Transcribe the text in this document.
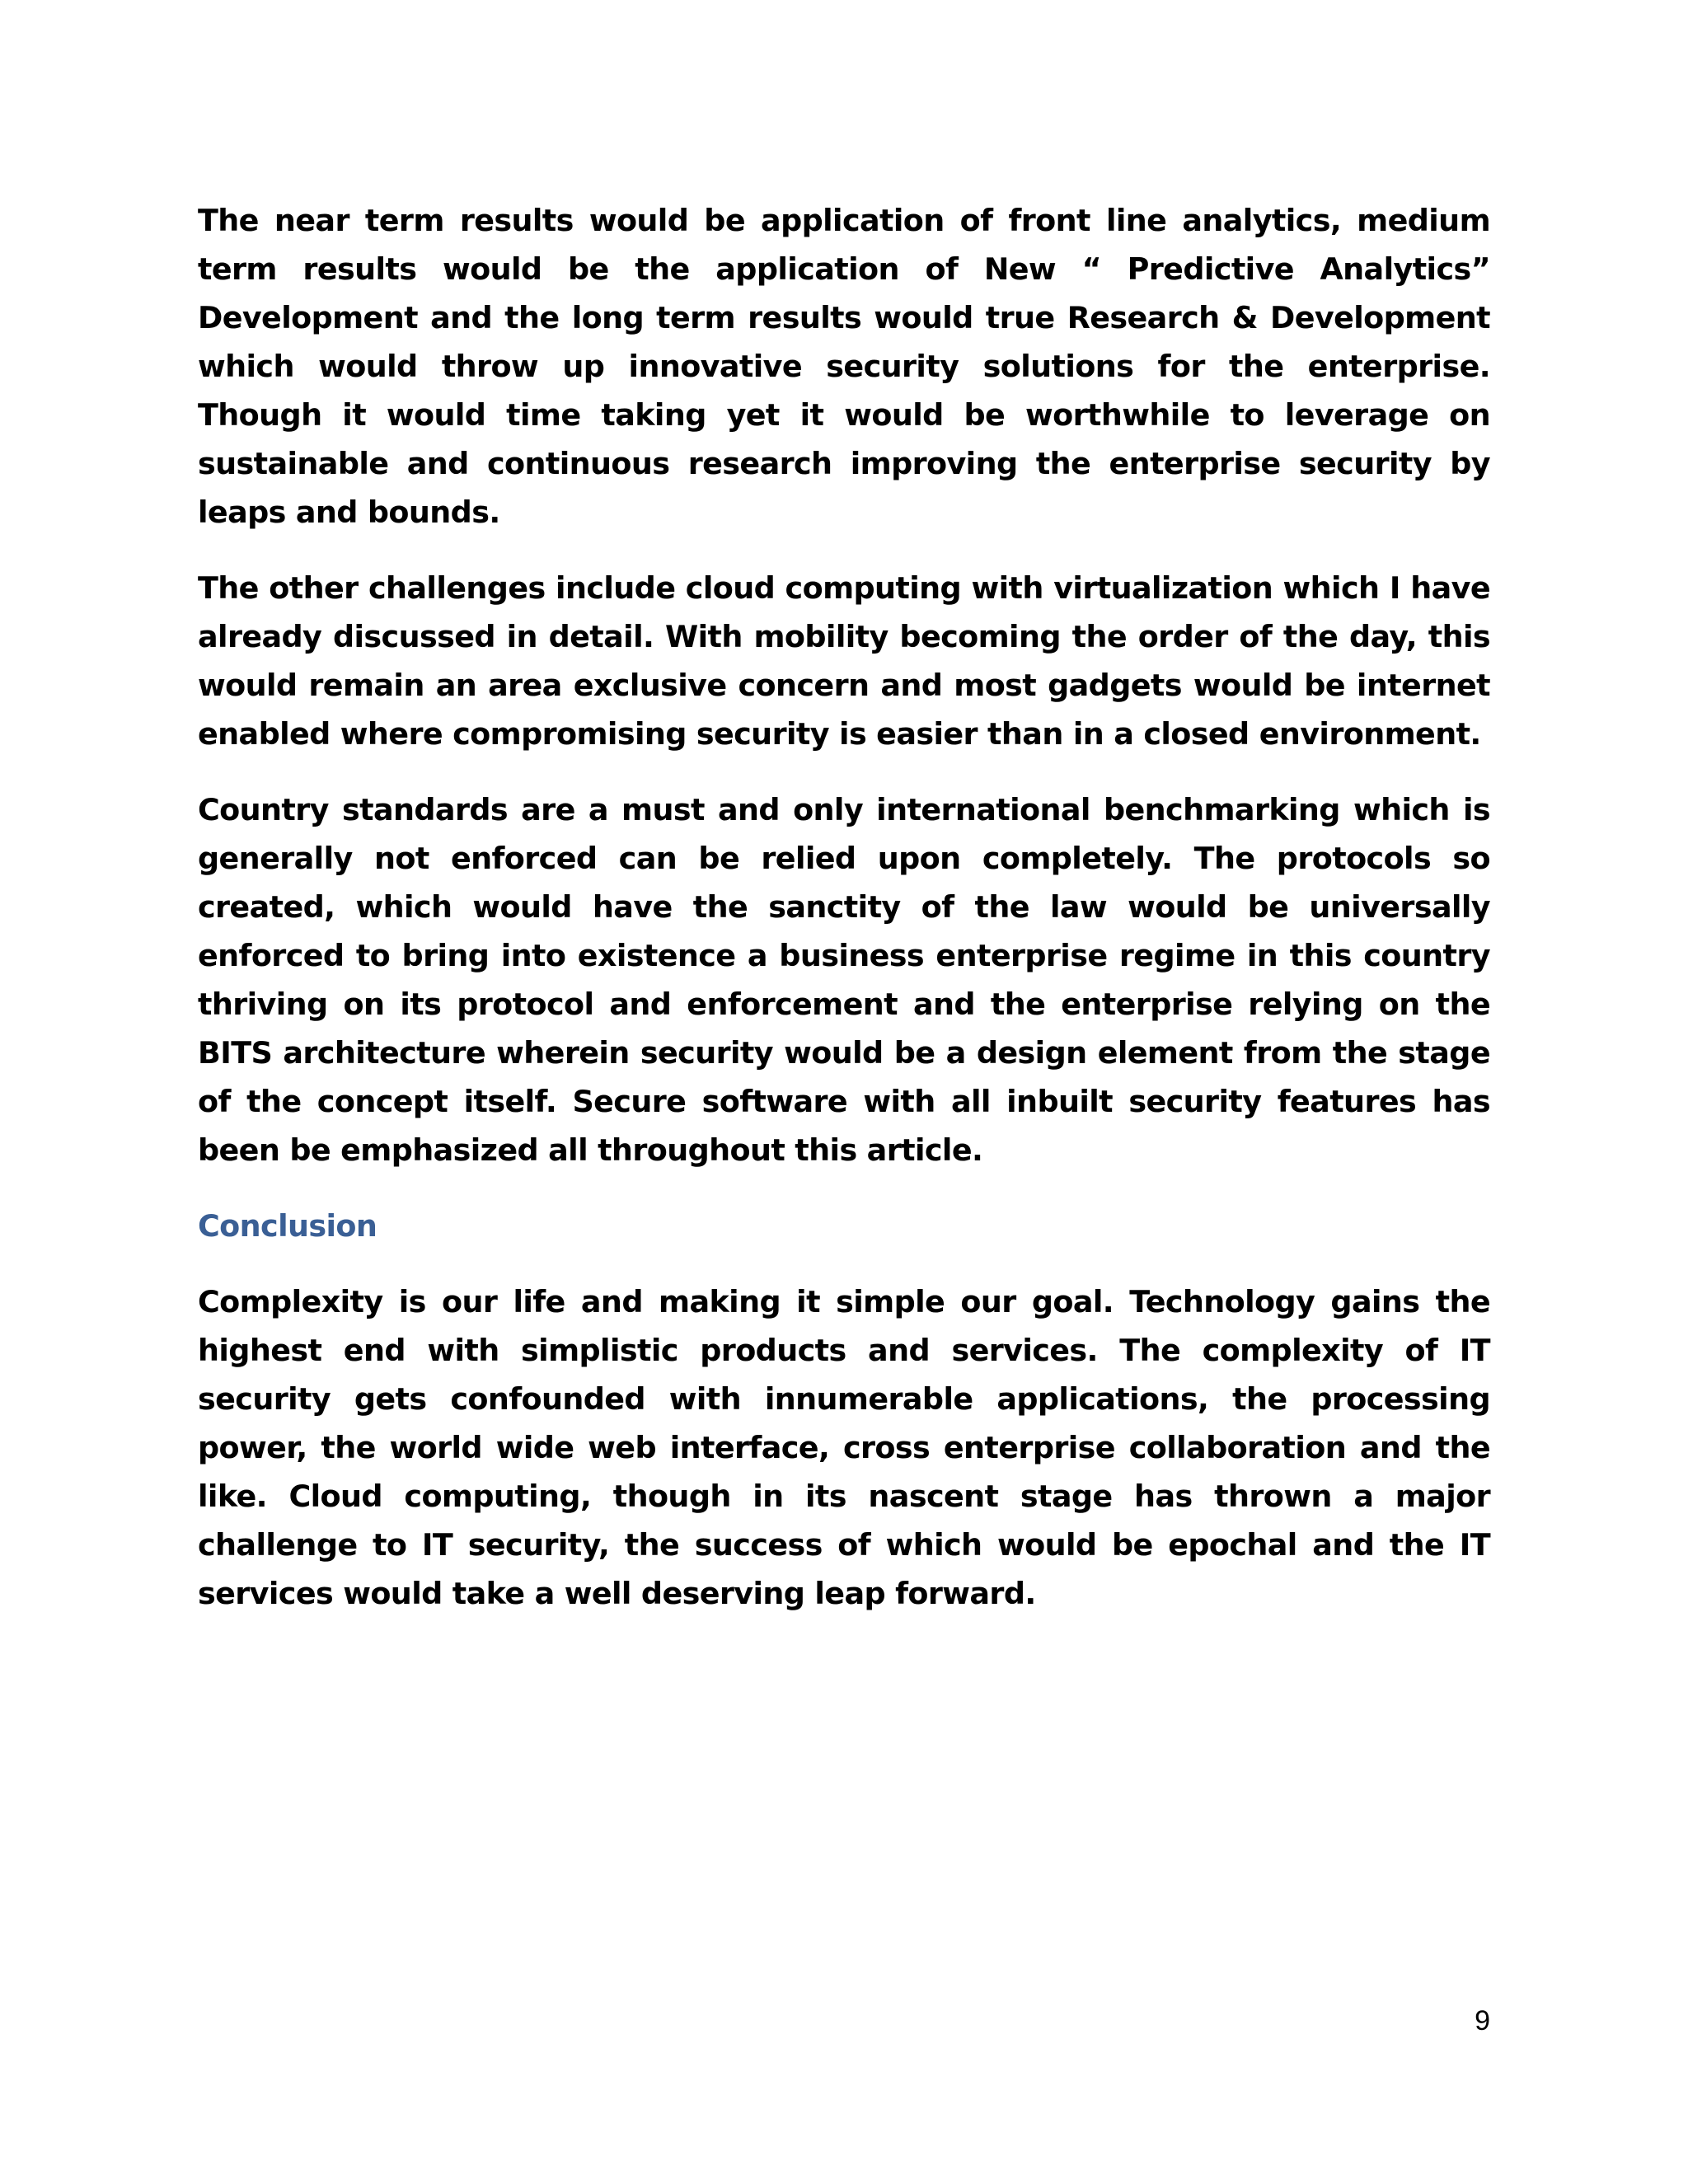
The near term results would be application of front line analytics, medium term results would be the application of New “ Predictive Analytics” Development and the long term results would true Research & Development which would throw up innovative security solutions for the enterprise. Though it would time taking yet it would be worthwhile to leverage on sustainable and continuous research improving the enterprise security by leaps and bounds.

The other challenges include cloud computing with virtualization which I have already discussed in detail. With mobility becoming the order of the day, this would remain an area exclusive concern and most gadgets would be internet enabled where compromising security is easier than in a closed environment.

Country standards are a must and only international benchmarking which is generally not enforced can be relied upon completely. The protocols so created, which would have the sanctity of the law would be universally enforced to bring into existence a business enterprise regime in this country thriving on its protocol and enforcement and the enterprise relying on the BITS architecture wherein security would be a design element from the stage of the concept itself. Secure software with all inbuilt security features has been be emphasized all throughout this article.

Conclusion

Complexity is our life and making it simple our goal. Technology gains the highest end with simplistic products and services. The complexity of IT security gets confounded with innumerable applications, the processing power, the world wide web interface, cross enterprise collaboration and the like. Cloud computing, though in its nascent stage has thrown a major challenge to IT security, the success of which would be epochal and the IT services would take a well deserving leap forward.

9
